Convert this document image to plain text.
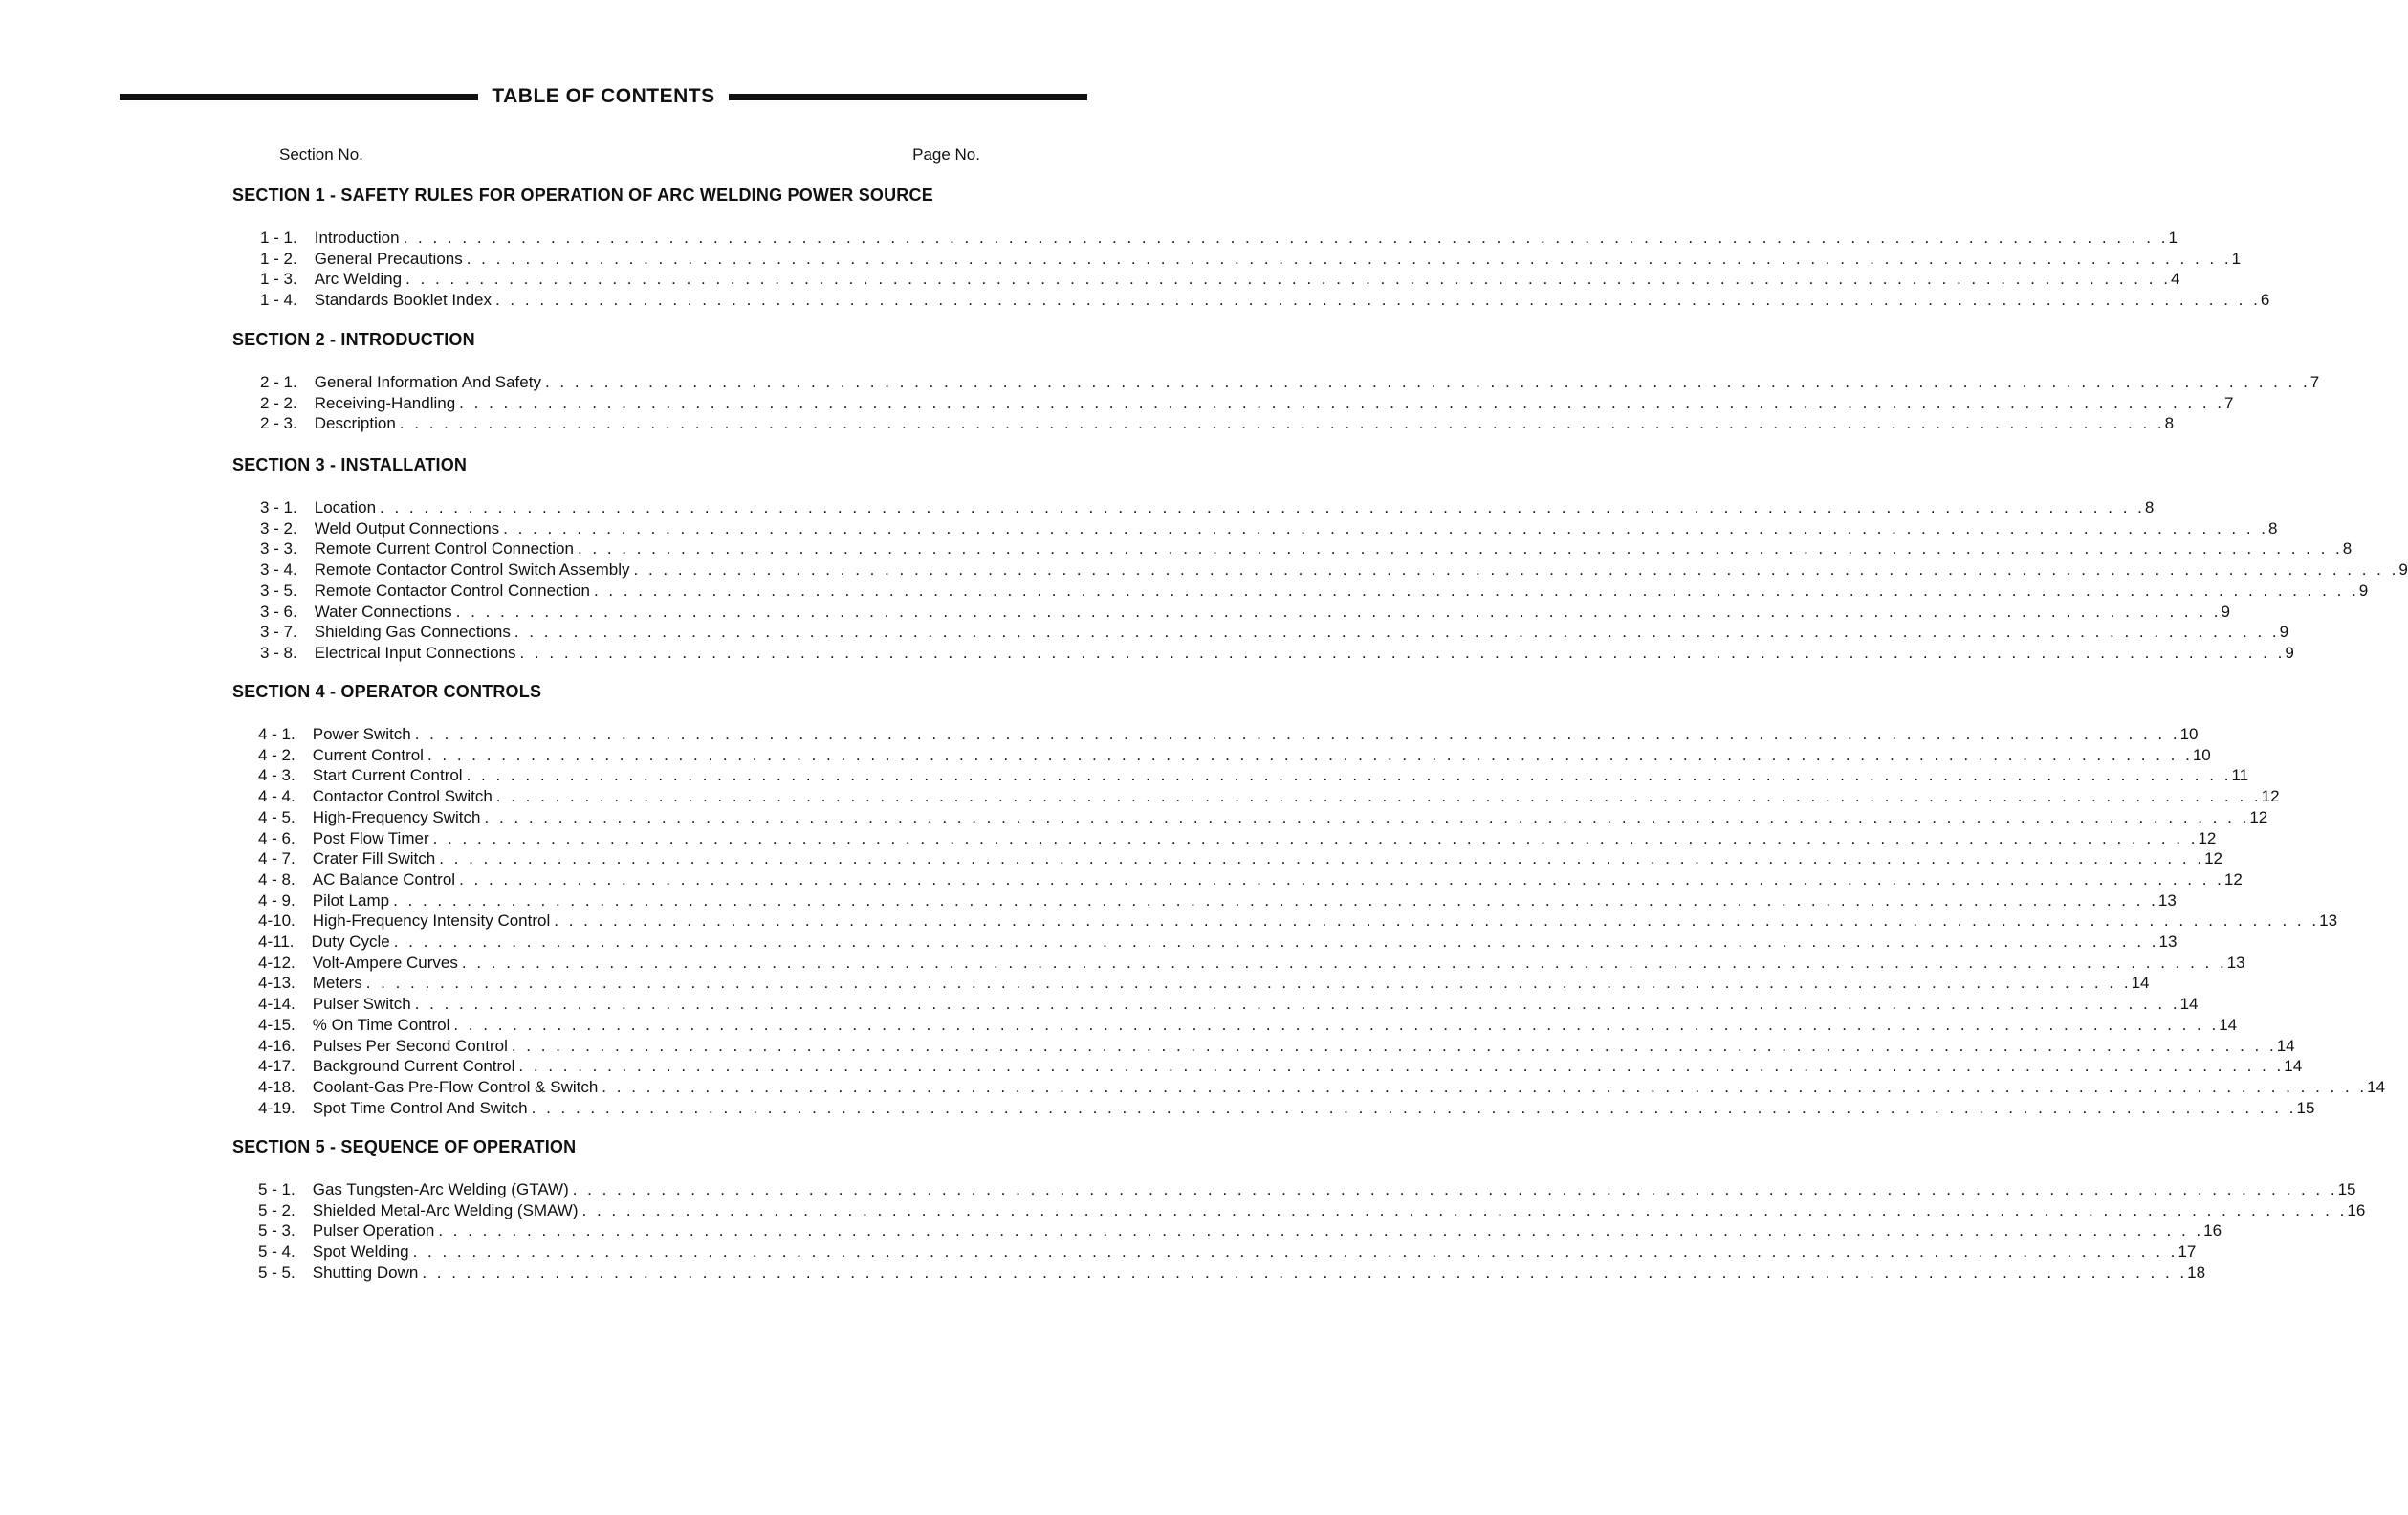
TABLE OF CONTENTS
Section No.	Page No.
SECTION 1 - SAFETY RULES FOR OPERATION OF ARC WELDING POWER SOURCE
1 - 1. Introduction . . . . . . . . . . . . . . . . . . . . . . . . . . . . . . . . . . . . . . . . . . . . . . . . . . . . . . . . . . . . . . . . . . . . . . . . . . . . . . . . . . . . . . . . . . . . . . . . . . . . . . . . . . . . . . . . . . . . . . . . 1
1 - 2. General Precautions . . . . . . . . . . . . . . . . . . . . . . . . . . . . . . . . . . . . . . . . . . . . . . . . . . . . . . . . . . . . . . . . . . . . . . . . . . . . . . . . . . . . . . . . . . . . . . . . . . . . . . . . . . . . . . . . . . . . . . . . 1
1 - 3. Arc Welding . . . . . . . . . . . . . . . . . . . . . . . . . . . . . . . . . . . . . . . . . . . . . . . . . . . . . . . . . . . . . . . . . . . . . . . . . . . . . . . . . . . . . . . . . . . . . . . . . . . . . . . . . . . . . . . . . . . . . . . . 4
1 - 4. Standards Booklet Index . . . . . . . . . . . . . . . . . . . . . . . . . . . . . . . . . . . . . . . . . . . . . . . . . . . . . . . . . . . . . . . . . . . . . . . . . . . . . . . . . . . . . . . . . . . . . . . . . . . . . . . . . . . . . . . . . . . . . . . . 6
SECTION 2 - INTRODUCTION
2 - 1. General Information And Safety . . . . . . . . . . . . . . . . . . . . . . . . . . . . . . . . . . . . . . . . . . . . . . . . . . . . . . . . . . . . . . . . . . . . . . . . . . . . . . . . . . . . . . . . . . . . . . . . . . . . . . . . . . . . . . . . . . . . . . . . 7
2 - 2. Receiving-Handling . . . . . . . . . . . . . . . . . . . . . . . . . . . . . . . . . . . . . . . . . . . . . . . . . . . . . . . . . . . . . . . . . . . . . . . . . . . . . . . . . . . . . . . . . . . . . . . . . . . . . . . . . . . . . . . . . . . . . . . . 7
2 - 3. Description . . . . . . . . . . . . . . . . . . . . . . . . . . . . . . . . . . . . . . . . . . . . . . . . . . . . . . . . . . . . . . . . . . . . . . . . . . . . . . . . . . . . . . . . . . . . . . . . . . . . . . . . . . . . . . . . . . . . . . . . 8
SECTION 3 - INSTALLATION
3 - 1. Location . . . . . . . . . . . . . . . . . . . . . . . . . . . . . . . . . . . . . . . . . . . . . . . . . . . . . . . . . . . . . . . . . . . . . . . . . . . . . . . . . . . . . . . . . . . . . . . . . . . . . . . . . . . . . . . . . . . . . . . . 8
3 - 2. Weld Output Connections . . . . . . . . . . . . . . . . . . . . . . . . . . . . . . . . . . . . . . . . . . . . . . . . . . . . . . . . . . . . . . . . . . . . . . . . . . . . . . . . . . . . . . . . . . . . . . . . . . . . . . . . . . . . . . . . . . . . . . . . 8
3 - 3. Remote Current Control Connection . . . . . . . . . . . . . . . . . . . . . . . . . . . . . . . . . . . . . . . . . . . . . . . . . . . . . . . . . . . . . . . . . . . . . . . . . . . . . . . . . . . . . . . . . . . . . . . . . . . . . . . . . . . . . . . . . . . . . . . . 8
3 - 4. Remote Contactor Control Switch Assembly . . . . . . . . . . . . . . . . . . . . . . . . . . . . . . . . . . . . . . . . . . . . . . . . . . . . . . . . . . . . . . . . . . . . . . . . . . . . . . . . . . . . . . . . . . . . . . . . . . . . . . . . . . . . . . . . . . . . . . . . 9
3 - 5. Remote Contactor Control Connection . . . . . . . . . . . . . . . . . . . . . . . . . . . . . . . . . . . . . . . . . . . . . . . . . . . . . . . . . . . . . . . . . . . . . . . . . . . . . . . . . . . . . . . . . . . . . . . . . . . . . . . . . . . . . . . . . . . . . . . . 9
3 - 6. Water Connections . . . . . . . . . . . . . . . . . . . . . . . . . . . . . . . . . . . . . . . . . . . . . . . . . . . . . . . . . . . . . . . . . . . . . . . . . . . . . . . . . . . . . . . . . . . . . . . . . . . . . . . . . . . . . . . . . . . . . . . . 9
3 - 7. Shielding Gas Connections . . . . . . . . . . . . . . . . . . . . . . . . . . . . . . . . . . . . . . . . . . . . . . . . . . . . . . . . . . . . . . . . . . . . . . . . . . . . . . . . . . . . . . . . . . . . . . . . . . . . . . . . . . . . . . . . . . . . . . . . 9
3 - 8. Electrical Input Connections . . . . . . . . . . . . . . . . . . . . . . . . . . . . . . . . . . . . . . . . . . . . . . . . . . . . . . . . . . . . . . . . . . . . . . . . . . . . . . . . . . . . . . . . . . . . . . . . . . . . . . . . . . . . . . . . . . . . . . . . 9
SECTION 4 - OPERATOR CONTROLS
4 - 1. Power Switch . . . . . . . . . . . . . . . . . . . . . . . . . . . . . . . . . . . . . . . . . . . . . . . . . . . . . . . . . . . . . . . . . . . . . . . . . . . . . . . . . . . . . . . . . . . . . . . . . . . . . . . . . . . . . . . . . . . . . . . . 10
4 - 2. Current Control . . . . . . . . . . . . . . . . . . . . . . . . . . . . . . . . . . . . . . . . . . . . . . . . . . . . . . . . . . . . . . . . . . . . . . . . . . . . . . . . . . . . . . . . . . . . . . . . . . . . . . . . . . . . . . . . . . . . . . . . 10
4 - 3. Start Current Control . . . . . . . . . . . . . . . . . . . . . . . . . . . . . . . . . . . . . . . . . . . . . . . . . . . . . . . . . . . . . . . . . . . . . . . . . . . . . . . . . . . . . . . . . . . . . . . . . . . . . . . . . . . . . . . . . . . . . . . . 11
4 - 4. Contactor Control Switch . . . . . . . . . . . . . . . . . . . . . . . . . . . . . . . . . . . . . . . . . . . . . . . . . . . . . . . . . . . . . . . . . . . . . . . . . . . . . . . . . . . . . . . . . . . . . . . . . . . . . . . . . . . . . . . . . . . . . . . . 12
4 - 5. High-Frequency Switch . . . . . . . . . . . . . . . . . . . . . . . . . . . . . . . . . . . . . . . . . . . . . . . . . . . . . . . . . . . . . . . . . . . . . . . . . . . . . . . . . . . . . . . . . . . . . . . . . . . . . . . . . . . . . . . . . . . . . . . . 12
4 - 6. Post Flow Timer . . . . . . . . . . . . . . . . . . . . . . . . . . . . . . . . . . . . . . . . . . . . . . . . . . . . . . . . . . . . . . . . . . . . . . . . . . . . . . . . . . . . . . . . . . . . . . . . . . . . . . . . . . . . . . . . . . . . . . . . 12
4 - 7. Crater Fill Switch . . . . . . . . . . . . . . . . . . . . . . . . . . . . . . . . . . . . . . . . . . . . . . . . . . . . . . . . . . . . . . . . . . . . . . . . . . . . . . . . . . . . . . . . . . . . . . . . . . . . . . . . . . . . . . . . . . . . . . . . 12
4 - 8. AC Balance Control . . . . . . . . . . . . . . . . . . . . . . . . . . . . . . . . . . . . . . . . . . . . . . . . . . . . . . . . . . . . . . . . . . . . . . . . . . . . . . . . . . . . . . . . . . . . . . . . . . . . . . . . . . . . . . . . . . . . . . . . 12
4 - 9. Pilot Lamp . . . . . . . . . . . . . . . . . . . . . . . . . . . . . . . . . . . . . . . . . . . . . . . . . . . . . . . . . . . . . . . . . . . . . . . . . . . . . . . . . . . . . . . . . . . . . . . . . . . . . . . . . . . . . . . . . . . . . . . . 13
4-10. High-Frequency Intensity Control . . . . . . . . . . . . . . . . . . . . . . . . . . . . . . . . . . . . . . . . . . . . . . . . . . . . . . . . . . . . . . . . . . . . . . . . . . . . . . . . . . . . . . . . . . . . . . . . . . . . . . . . . . . . . . . . . . . . . . . . 13
4-11. Duty Cycle . . . . . . . . . . . . . . . . . . . . . . . . . . . . . . . . . . . . . . . . . . . . . . . . . . . . . . . . . . . . . . . . . . . . . . . . . . . . . . . . . . . . . . . . . . . . . . . . . . . . . . . . . . . . . . . . . . . . . . . . 13
4-12. Volt-Ampere Curves . . . . . . . . . . . . . . . . . . . . . . . . . . . . . . . . . . . . . . . . . . . . . . . . . . . . . . . . . . . . . . . . . . . . . . . . . . . . . . . . . . . . . . . . . . . . . . . . . . . . . . . . . . . . . . . . . . . . . . . . 13
4-13. Meters . . . . . . . . . . . . . . . . . . . . . . . . . . . . . . . . . . . . . . . . . . . . . . . . . . . . . . . . . . . . . . . . . . . . . . . . . . . . . . . . . . . . . . . . . . . . . . . . . . . . . . . . . . . . . . . . . . . . . . . . 14
4-14. Pulser Switch . . . . . . . . . . . . . . . . . . . . . . . . . . . . . . . . . . . . . . . . . . . . . . . . . . . . . . . . . . . . . . . . . . . . . . . . . . . . . . . . . . . . . . . . . . . . . . . . . . . . . . . . . . . . . . . . . . . . . . . . 14
4-15. % On Time Control . . . . . . . . . . . . . . . . . . . . . . . . . . . . . . . . . . . . . . . . . . . . . . . . . . . . . . . . . . . . . . . . . . . . . . . . . . . . . . . . . . . . . . . . . . . . . . . . . . . . . . . . . . . . . . . . . . . . . . . . 14
4-16. Pulses Per Second Control . . . . . . . . . . . . . . . . . . . . . . . . . . . . . . . . . . . . . . . . . . . . . . . . . . . . . . . . . . . . . . . . . . . . . . . . . . . . . . . . . . . . . . . . . . . . . . . . . . . . . . . . . . . . . . . . . . . . . . . . 14
4-17. Background Current Control . . . . . . . . . . . . . . . . . . . . . . . . . . . . . . . . . . . . . . . . . . . . . . . . . . . . . . . . . . . . . . . . . . . . . . . . . . . . . . . . . . . . . . . . . . . . . . . . . . . . . . . . . . . . . . . . . . . . . . . . 14
4-18. Coolant-Gas Pre-Flow Control & Switch . . . . . . . . . . . . . . . . . . . . . . . . . . . . . . . . . . . . . . . . . . . . . . . . . . . . . . . . . . . . . . . . . . . . . . . . . . . . . . . . . . . . . . . . . . . . . . . . . . . . . . . . . . . . . . . . . . . . . . . . 14
4-19. Spot Time Control And Switch . . . . . . . . . . . . . . . . . . . . . . . . . . . . . . . . . . . . . . . . . . . . . . . . . . . . . . . . . . . . . . . . . . . . . . . . . . . . . . . . . . . . . . . . . . . . . . . . . . . . . . . . . . . . . . . . . . . . . . . . 15
SECTION 5 - SEQUENCE OF OPERATION
5 - 1. Gas Tungsten-Arc Welding (GTAW) . . . . . . . . . . . . . . . . . . . . . . . . . . . . . . . . . . . . . . . . . . . . . . . . . . . . . . . . . . . . . . . . . . . . . . . . . . . . . . . . . . . . . . . . . . . . . . . . . . . . . . . . . . . . . . . . . . . . . . . . 15
5 - 2. Shielded Metal-Arc Welding (SMAW) . . . . . . . . . . . . . . . . . . . . . . . . . . . . . . . . . . . . . . . . . . . . . . . . . . . . . . . . . . . . . . . . . . . . . . . . . . . . . . . . . . . . . . . . . . . . . . . . . . . . . . . . . . . . . . . . . . . . . . . . 16
5 - 3. Pulser Operation . . . . . . . . . . . . . . . . . . . . . . . . . . . . . . . . . . . . . . . . . . . . . . . . . . . . . . . . . . . . . . . . . . . . . . . . . . . . . . . . . . . . . . . . . . . . . . . . . . . . . . . . . . . . . . . . . . . . . . . . 16
5 - 4. Spot Welding . . . . . . . . . . . . . . . . . . . . . . . . . . . . . . . . . . . . . . . . . . . . . . . . . . . . . . . . . . . . . . . . . . . . . . . . . . . . . . . . . . . . . . . . . . . . . . . . . . . . . . . . . . . . . . . . . . . . . . . . 17
5 - 5. Shutting Down . . . . . . . . . . . . . . . . . . . . . . . . . . . . . . . . . . . . . . . . . . . . . . . . . . . . . . . . . . . . . . . . . . . . . . . . . . . . . . . . . . . . . . . . . . . . . . . . . . . . . . . . . . . . . . . . . . . . . . . . 18
